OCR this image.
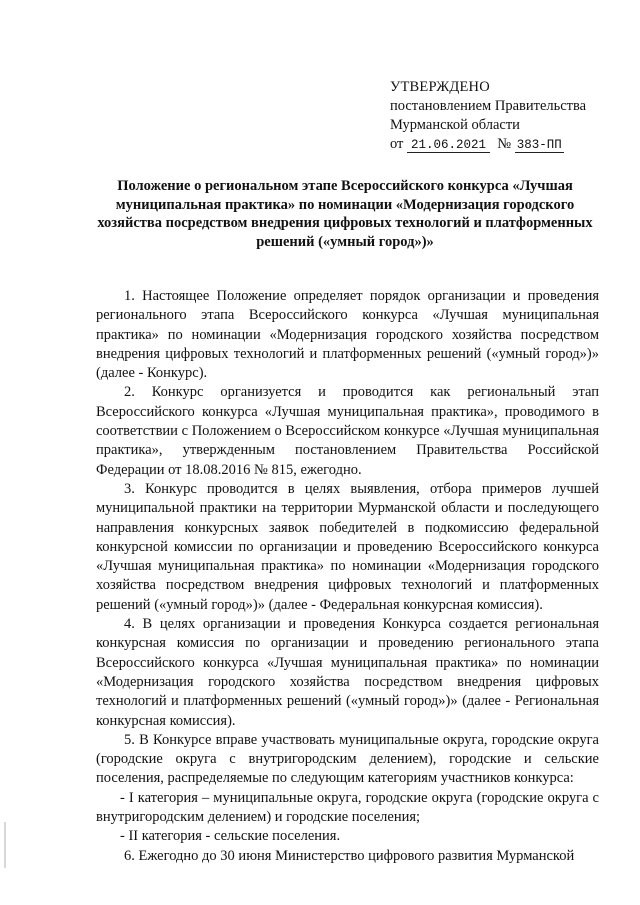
УТВЕРЖДЕНО
постановлением Правительства
Мурманской области
от 21.06.2021 № 383-ПП
Положение о региональном этапе Всероссийского конкурса «Лучшая муниципальная практика» по номинации «Модернизация городского хозяйства посредством внедрения цифровых технологий и платформенных решений («умный город»)»

1. Настоящее Положение определяет порядок организации и проведения регионального этапа Всероссийского конкурса «Лучшая муниципальная практика» по номинации «Модернизация городского хозяйства посредством внедрения цифровых технологий и платформенных решений («умный город»)» (далее - Конкурс).

2. Конкурс организуется и проводится как региональный этап Всероссийского конкурса «Лучшая муниципальная практика», проводимого в соответствии с Положением о Всероссийском конкурсе «Лучшая муниципальная практика», утвержденным постановлением Правительства Российской Федерации от 18.08.2016 № 815, ежегодно.

3. Конкурс проводится в целях выявления, отбора примеров лучшей муниципальной практики на территории Мурманской области и последующего направления конкурсных заявок победителей в подкомиссию федеральной конкурсной комиссии по организации и проведению Всероссийского конкурса «Лучшая муниципальная практика» по номинации «Модернизация городского хозяйства посредством внедрения цифровых технологий и платформенных решений («умный город»)» (далее - Федеральная конкурсная комиссия).

4. В целях организации и проведения Конкурса создается региональная конкурсная комиссия по организации и проведению регионального этапа Всероссийского конкурса «Лучшая муниципальная практика» по номинации «Модернизация городского хозяйства посредством внедрения цифровых технологий и платформенных решений («умный город»)» (далее - Региональная конкурсная комиссия).

5. В Конкурсе вправе участвовать муниципальные округа, городские округа (городские округа с внутригородским делением), городские и сельские поселения, распределяемые по следующим категориям участников конкурса:

- I категория – муниципальные округа, городские округа (городские округа с внутригородским делением) и городские поселения;

- II категория - сельские поселения.

6. Ежегодно до 30 июня Министерство цифрового развития Мурманской
